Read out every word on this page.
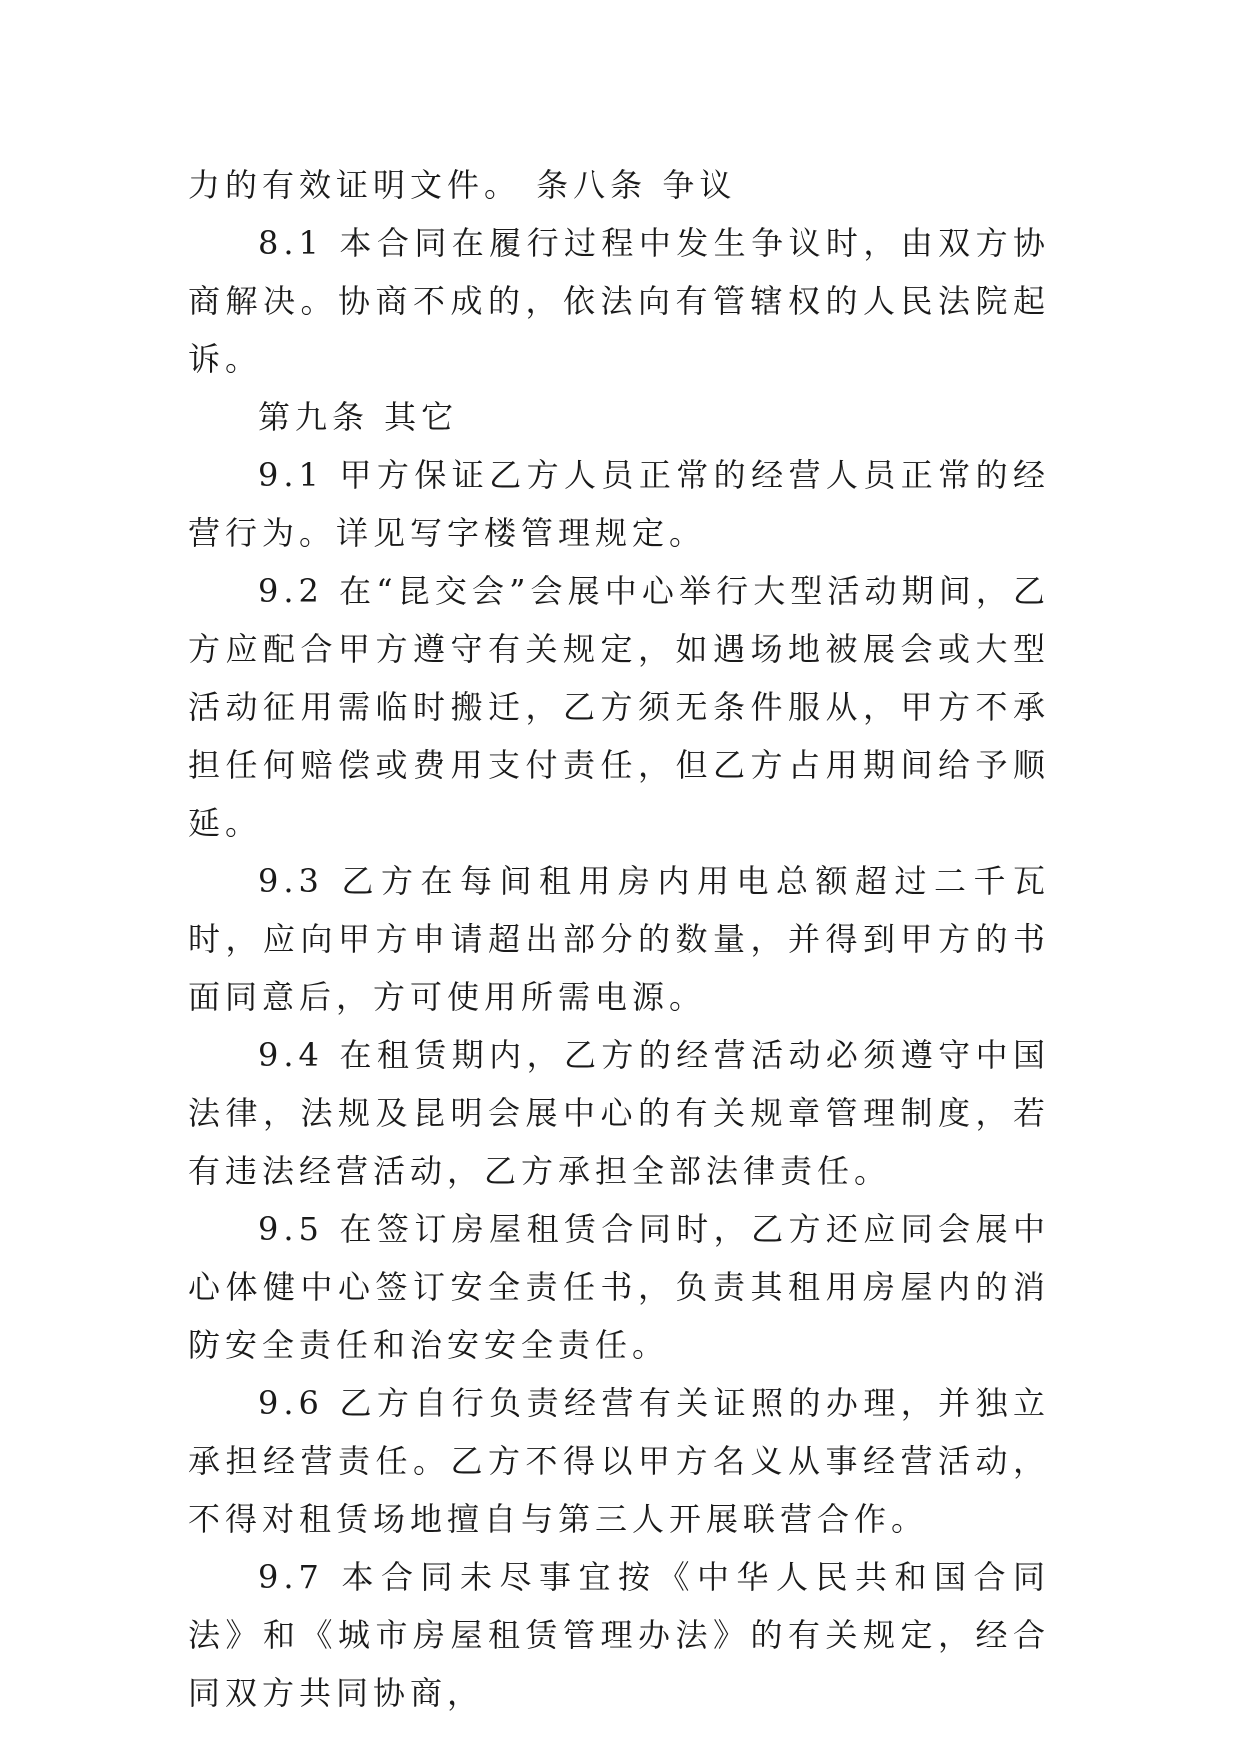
力的有效证明文件。 条八条 争议

8.1 本合同在履行过程中发生争议时，由双方协商解决。协商不成的，依法向有管辖权的人民法院起诉。

第九条 其它

9.1 甲方保证乙方人员正常的经营人员正常的经营行为。详见写字楼管理规定。

9.2 在“昆交会”会展中心举行大型活动期间，乙方应配合甲方遵守有关规定，如遇场地被展会或大型活动征用需临时搬迁，乙方须无条件服从，甲方不承担任何赔偿或费用支付责任，但乙方占用期间给予顺延。

9.3 乙方在每间租用房内用电总额超过二千瓦时，应向甲方申请超出部分的数量，并得到甲方的书面同意后，方可使用所需电源。

9.4 在租赁期内，乙方的经营活动必须遵守中国法律，法规及昆明会展中心的有关规章管理制度，若有违法经营活动，乙方承担全部法律责任。

9.5 在签订房屋租赁合同时，乙方还应同会展中心体健中心签订安全责任书，负责其租用房屋内的消防安全责任和治安安全责任。

9.6 乙方自行负责经营有关证照的办理，并独立承担经营责任。乙方不得以甲方名义从事经营活动，不得对租赁场地擅自与第三人开展联营合作。

9.7 本合同未尽事宜按《中华人民共和国合同法》和《城市房屋租赁管理办法》的有关规定，经合同双方共同协商，
